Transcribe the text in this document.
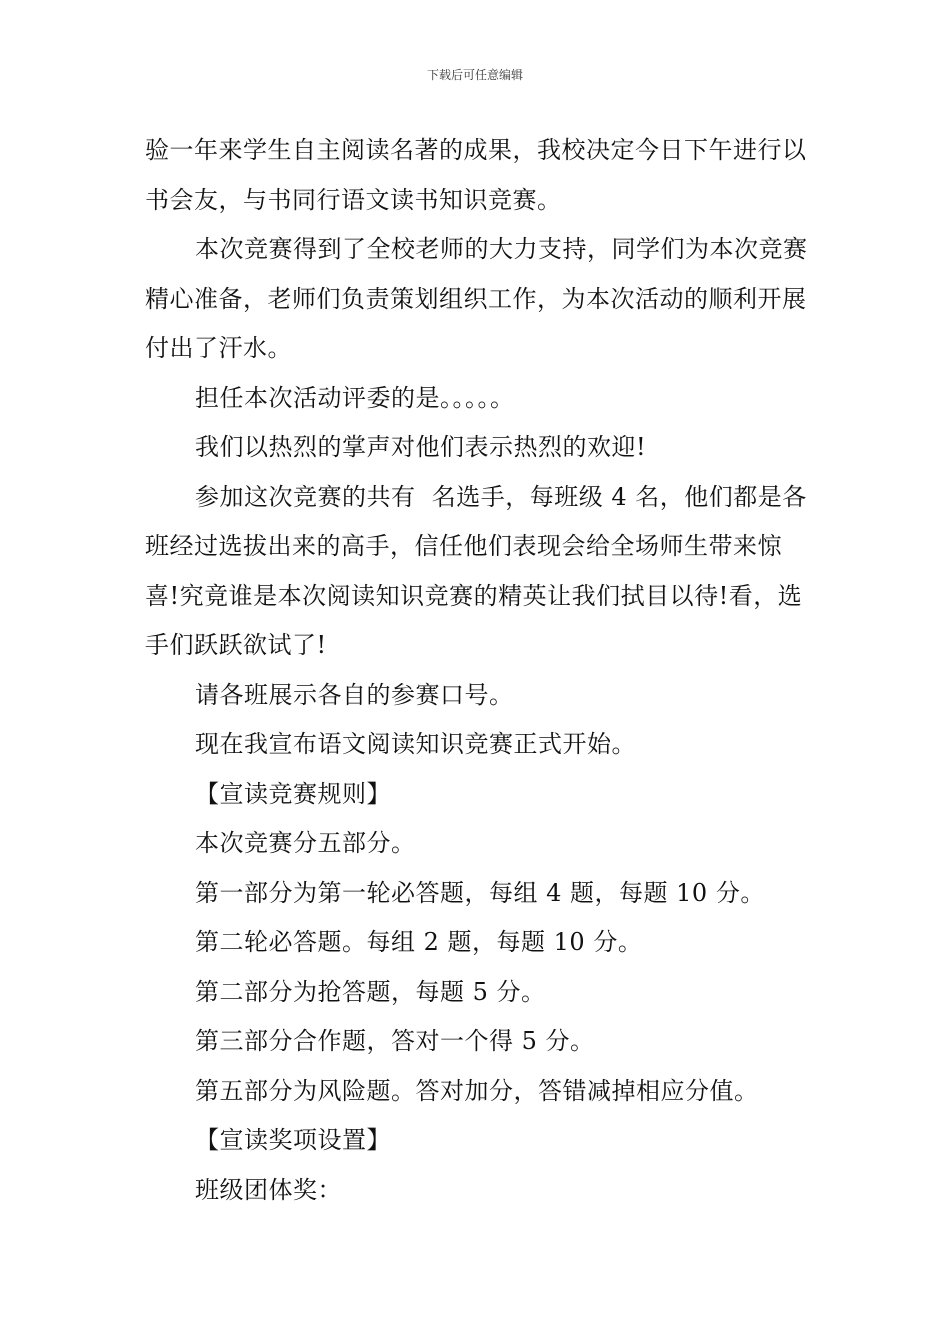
下载后可任意编辑

验一年来学生自主阅读名著的成果，我校决定今日下午进行以书会友，与书同行语文读书知识竞赛。

本次竞赛得到了全校老师的大力支持，同学们为本次竞赛精心准备，老师们负责策划组织工作，为本次活动的顺利开展付出了汗水。

担任本次活动评委的是。。。。。

我们以热烈的掌声对他们表示热烈的欢迎!

参加这次竞赛的共有  名选手，每班级 4 名，他们都是各班经过选拔出来的高手，信任他们表现会给全场师生带来惊喜!究竟谁是本次阅读知识竞赛的精英让我们拭目以待!看，选手们跃跃欲试了!

请各班展示各自的参赛口号。

现在我宣布语文阅读知识竞赛正式开始。

【宣读竞赛规则】

本次竞赛分五部分。

第一部分为第一轮必答题，每组 4 题，每题 10 分。

第二轮必答题。每组 2 题，每题 10 分。

第二部分为抢答题，每题 5 分。

第三部分合作题，答对一个得 5 分。

第五部分为风险题。答对加分，答错减掉相应分值。

【宣读奖项设置】

班级团体奖：
